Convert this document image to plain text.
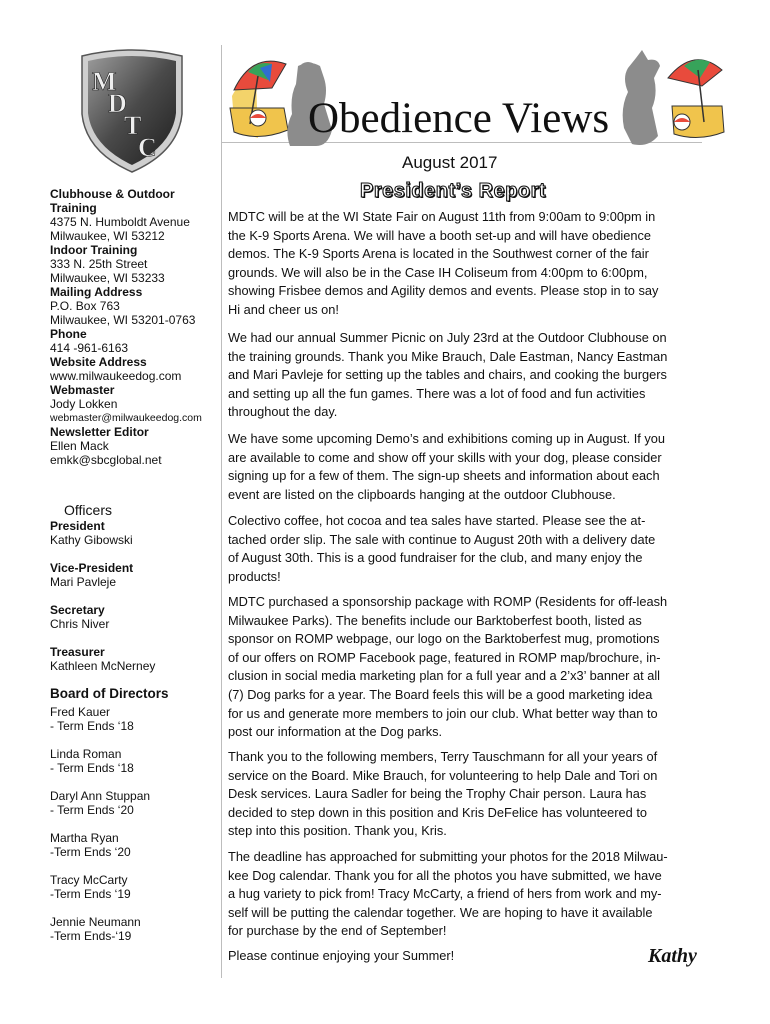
M
D
T
C
Obedience Views
August 2017
President’s Report
Clubhouse & Outdoor
Training
4375 N. Humboldt Avenue
Milwaukee, WI 53212
Indoor Training
333 N. 25th Street
Milwaukee, WI 53233
Mailing Address
P.O. Box 763
Milwaukee, WI 53201-0763
Phone
414 -961-6163
Website Address
www.milwaukeedog.com
Webmaster
Jody Lokken
webmaster@milwaukeedog.com
Newsletter Editor
Ellen Mack
emkk@sbcglobal.net
Officers
President
Kathy Gibowski
Vice-President
Mari Pavleje
Secretary
Chris Niver
Treasurer
Kathleen McNerney
Board of Directors
Fred Kauer
- Term Ends ‘18
Linda Roman
- Term Ends ‘18
Daryl Ann Stuppan
- Term Ends ‘20
Martha Ryan
-Term Ends ‘20
Tracy McCarty
-Term Ends ‘19
Jennie Neumann
-Term Ends-‘19
MDTC will be at the WI State Fair on August 11th from 9:00am to 9:00pm in
the K-9 Sports Arena. We will have a booth set-up and will have obedience
demos. The K-9 Sports Arena is located in the Southwest corner of the fair
grounds. We will also be in the Case IH Coliseum from 4:00pm to 6:00pm,
showing Frisbee demos and Agility demos and events. Please stop in to say
Hi and cheer us on!
We had our annual Summer Picnic on July 23rd at the Outdoor Clubhouse on
the training grounds. Thank you Mike Brauch, Dale Eastman, Nancy Eastman
and Mari Pavleje for setting up the tables and chairs, and cooking the burgers
and setting up all the fun games. There was a lot of food and fun activities
throughout the day.
We have some upcoming Demo’s and exhibitions coming up in August. If you
are available to come and show off your skills with your dog, please consider
signing up for a few of them. The sign-up sheets and information about each
event are listed on the clipboards hanging at the outdoor Clubhouse.
Colectivo coffee, hot cocoa and tea sales have started. Please see the at-
tached order slip. The sale with continue to August 20th with a delivery date
of August 30th. This is a good fundraiser for the club, and many enjoy the
products!
MDTC purchased a sponsorship package with ROMP (Residents for off-leash
Milwaukee Parks). The benefits include our Barktoberfest booth, listed as
sponsor on ROMP webpage, our logo on the Barktoberfest mug, promotions
of our offers on ROMP Facebook page, featured in ROMP map/brochure, in-
clusion in social media marketing plan for a full year and a 2’x3’ banner at all
(7) Dog parks for a year. The Board feels this will be a good marketing idea
for us and generate more members to join our club. What better way than to
post our information at the Dog parks.
Thank you to the following members, Terry Tauschmann for all your years of
service on the Board. Mike Brauch, for volunteering to help Dale and Tori on
Desk services. Laura Sadler for being the Trophy Chair person. Laura has
decided to step down in this position and Kris DeFelice has volunteered to
step into this position. Thank you, Kris.
The deadline has approached for submitting your photos for the 2018 Milwau-
kee Dog calendar. Thank you for all the photos you have submitted, we have
a hug variety to pick from! Tracy McCarty, a friend of hers from work and my-
self will be putting the calendar together. We are hoping to have it available
for purchase by the end of September!
Please continue enjoying your Summer!	Kathy
